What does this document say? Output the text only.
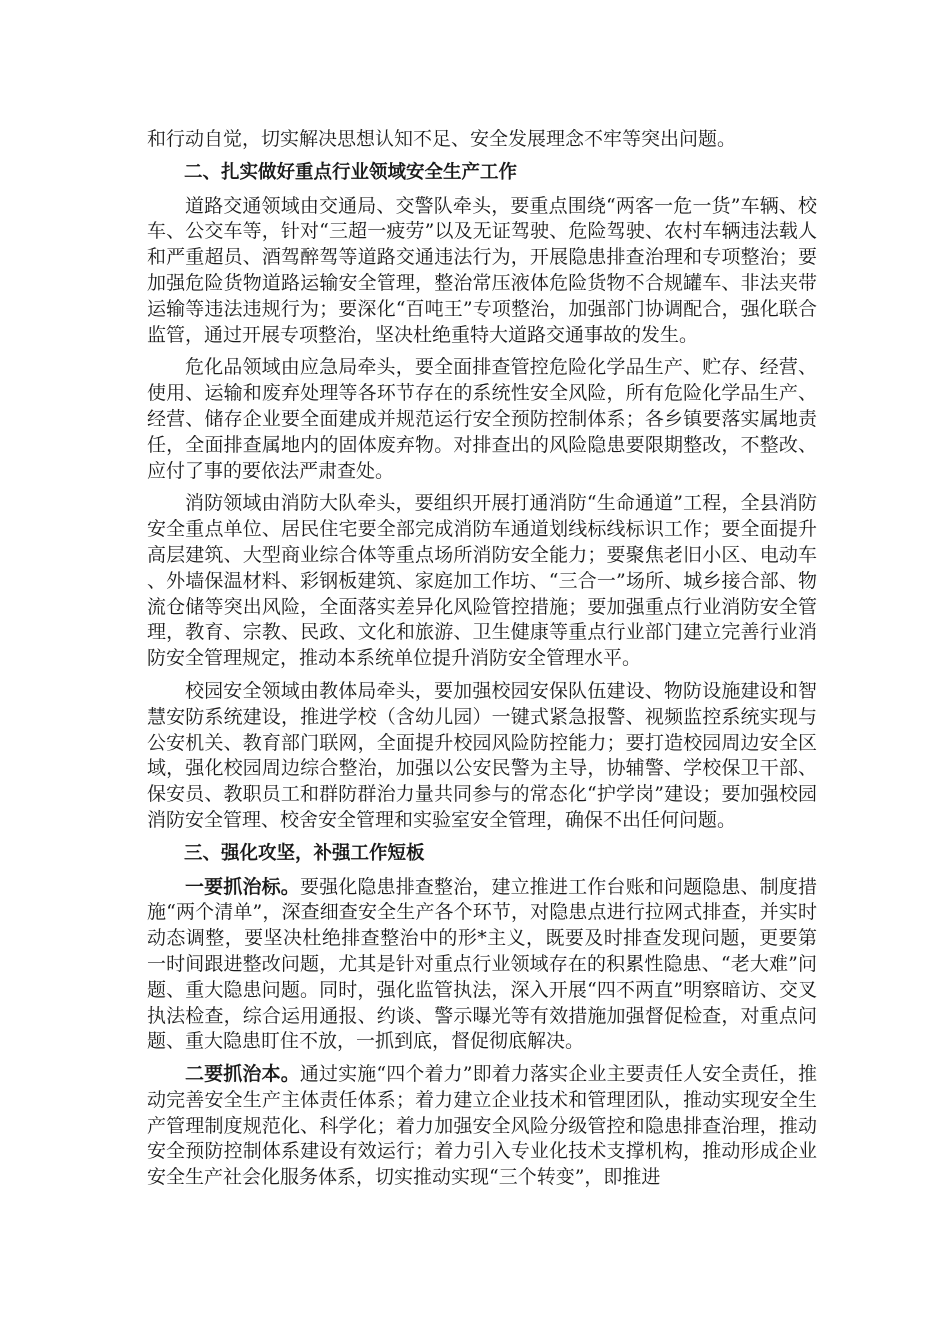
和行动自觉，切实解决思想认知不足、安全发展理念不牢等突出问题。

二、扎实做好重点行业领域安全生产工作

道路交通领域由交通局、交警队牵头，要重点围绕“两客一危一货”车辆、校车、公交车等，针对“三超一疲劳”以及无证驾驶、危险驾驶、农村车辆违法载人和严重超员、酒驾醉驾等道路交通违法行为，开展隐患排查治理和专项整治；要加强危险货物道路运输安全管理，整治常压液体危险货物不合规罐车、非法夹带运输等违法违规行为；要深化“百吨王”专项整治，加强部门协调配合，强化联合监管，通过开展专项整治，坚决杜绝重特大道路交通事故的发生。

危化品领域由应急局牵头，要全面排查管控危险化学品生产、贮存、经营、使用、运输和废弃处理等各环节存在的系统性安全风险，所有危险化学品生产、经营、储存企业要全面建成并规范运行安全预防控制体系；各乡镇要落实属地责任，全面排查属地内的固体废弃物。对排查出的风险隐患要限期整改，不整改、应付了事的要依法严肃查处。

消防领域由消防大队牵头，要组织开展打通消防“生命通道”工程，全县消防安全重点单位、居民住宅要全部完成消防车通道划线标线标识工作；要全面提升高层建筑、大型商业综合体等重点场所消防安全能力；要聚焦老旧小区、电动车、外墙保温材料、彩钢板建筑、家庭加工作坊、“三合一”场所、城乡接合部、物流仓储等突出风险，全面落实差异化风险管控措施；要加强重点行业消防安全管理，教育、宗教、民政、文化和旅游、卫生健康等重点行业部门建立完善行业消防安全管理规定，推动本系统单位提升消防安全管理水平。

校园安全领域由教体局牵头，要加强校园安保队伍建设、物防设施建设和智慧安防系统建设，推进学校（含幼儿园）一键式紧急报警、视频监控系统实现与公安机关、教育部门联网，全面提升校园风险防控能力；要打造校园周边安全区域，强化校园周边综合整治，加强以公安民警为主导，协辅警、学校保卫干部、保安员、教职员工和群防群治力量共同参与的常态化“护学岗”建设；要加强校园消防安全管理、校舍安全管理和实验室安全管理，确保不出任何问题。

三、强化攻坚，补强工作短板

一要抓治标。要强化隐患排查整治，建立推进工作台账和问题隐患、制度措施“两个清单”，深查细查安全生产各个环节，对隐患点进行拉网式排查，并实时动态调整，要坚决杜绝排查整治中的形*主义，既要及时排查发现问题，更要第一时间跟进整改问题，尤其是针对重点行业领域存在的积累性隐患、“老大难”问题、重大隐患问题。同时，强化监管执法，深入开展“四不两直”明察暗访、交叉执法检查，综合运用通报、约谈、警示曝光等有效措施加强督促检查，对重点问题、重大隐患盯住不放，一抓到底，督促彻底解决。

二要抓治本。通过实施“四个着力”即着力落实企业主要责任人安全责任，推动完善安全生产主体责任体系；着力建立企业技术和管理团队，推动实现安全生产管理制度规范化、科学化；着力加强安全风险分级管控和隐患排查治理，推动安全预防控制体系建设有效运行；着力引入专业化技术支撑机构，推动形成企业安全生产社会化服务体系，切实推动实现“三个转变”，即推进
